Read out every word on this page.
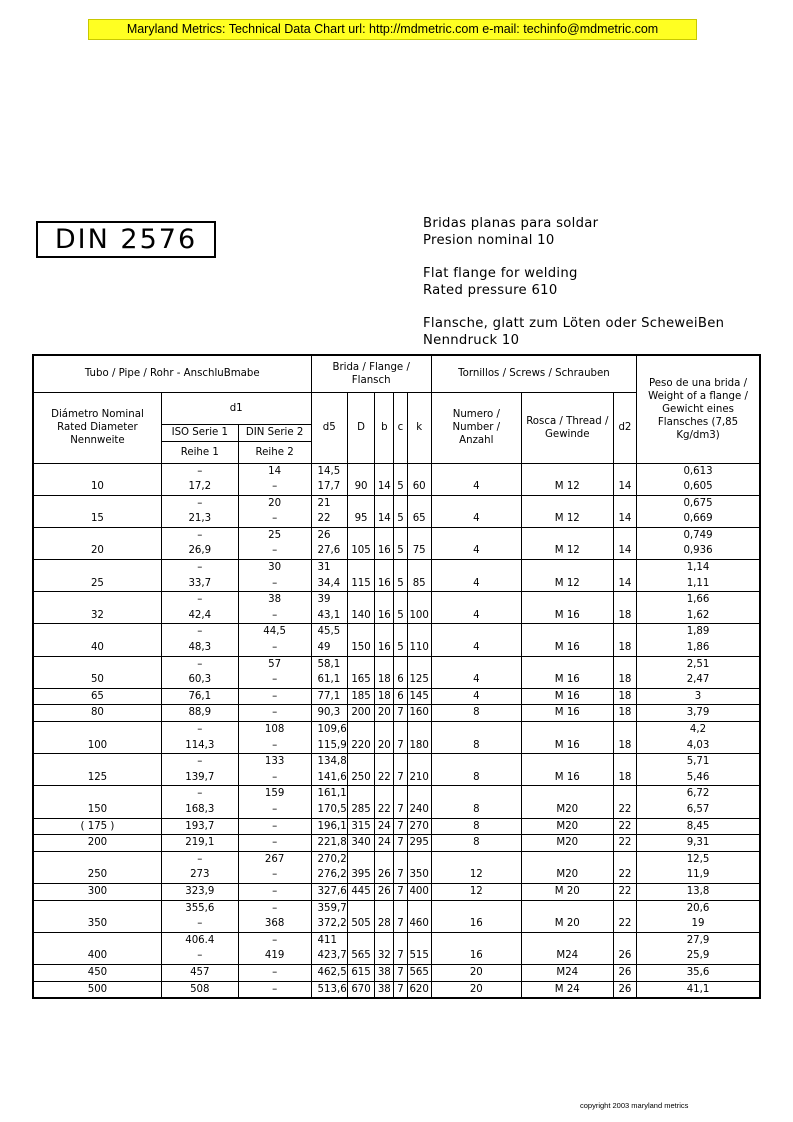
Maryland Metrics: Technical Data Chart url: http://mdmetric.com e-mail: techinfo@mdmetric.com
DIN 2576

Bridas planas para soldar
Presion nominal 10

Flat flange for welding
Rated pressure 610

Flansche, glatt zum Löten oder ScheweiBen
Nenndruck 10

Tubo / Pipe / Rohr - AnschluBmabe			Brida / Flange / Flansch					Tornillos / Screws / Schrauben			Peso de una brida / Weight of a flange / Gewicht eines Flansches (7,85 Kg/dm3)
Diámetro Nominal Rated Diameter Nennweite	d1		d5	D	b	c	k	Numero / Number / Anzahl	Rosca / Thread / Gewinde	d2	
	ISO Serie 1	DIN Serie 2									
	Reihe 1	Reihe 2									
10	–	14	14,5	90	14	5	60	4	M 12	14	0,613
	17,2	–	17,7								0,605
15	–	20	21	95	14	5	65	4	M 12	14	0,675
	21,3	–	22								0,669
20	–	25	26	105	16	5	75	4	M 12	14	0,749
	26,9	–	27,6								0,936
25	–	30	31	115	16	5	85	4	M 12	14	1,14
	33,7	–	34,4								1,11
32	–	38	39	140	16	5	100	4	M 16	18	1,66
	42,4	–	43,1								1,62
40	–	44,5	45,5	150	16	5	110	4	M 16	18	1,89
	48,3	–	49								1,86
50	–	57	58,1	165	18	6	125	4	M 16	18	2,51
	60,3	–	61,1								2,47
65	76,1	–	77,1	185	18	6	145	4	M 16	18	3
80	88,9	–	90,3	200	20	7	160	8	M 16	18	3,79
100	–	108	109,6	220	20	7	180	8	M 16	18	4,2
	114,3	–	115,9								4,03
125	–	133	134,8	250	22	7	210	8	M 16	18	5,71
	139,7	–	141,6								5,46
150	–	159	161,1	285	22	7	240	8	M20	22	6,72
	168,3	–	170,5								6,57
( 175 )	193,7	–	196,1	315	24	7	270	8	M20	22	8,45
200	219,1	–	221,8	340	24	7	295	8	M20	22	9,31
250	–	267	270,2	395	26	7	350	12	M20	22	12,5
	273	–	276,2								11,9
300	323,9	–	327,6	445	26	7	400	12	M 20	22	13,8
350	355,6	–	359,7	505	28	7	460	16	M 20	22	20,6
	–	368	372,2								19
400	406.4	–	411	565	32	7	515	16	M24	26	27,9
	–	419	423,7								25,9
450	457	–	462,5	615	38	7	565	20	M24	26	35,6
500	508	–	513,6	670	38	7	620	20	M 24	26	41,1
copyright 2003 maryland metrics
